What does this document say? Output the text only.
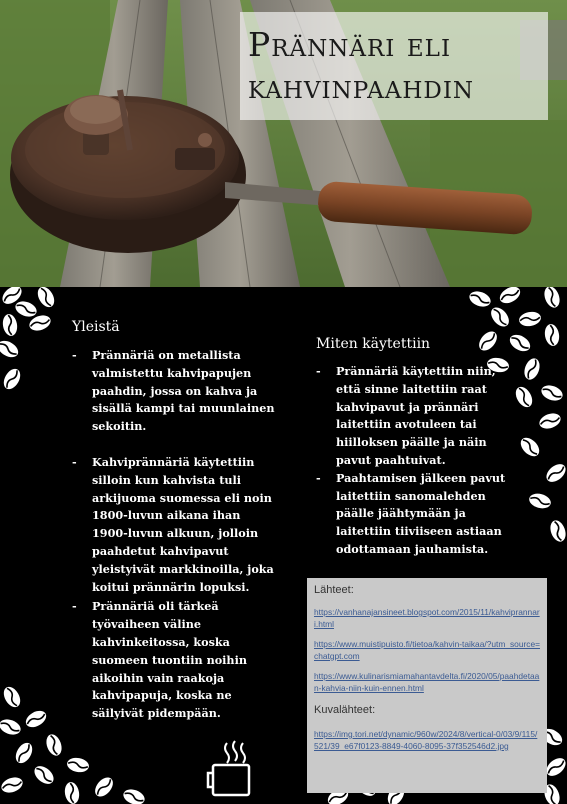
Prännäri eli
kahvinpaahdin
Yleistä
- Prännäriä on metallista valmistettu kahvipapujen paahdin, jossa on kahva ja sisällä kampi tai muunlainen sekoitin.
- Kahviprännäriä käytettiin silloin kun kahvista tuli arkijuoma suomessa eli noin 1800-luvun aikana ihan 1900-luvun alkuun, jolloin paahdetut kahvipavut yleistyivät markkinoilla, joka koitui prännärin lopuksi.
- Prännäriä oli tärkeä työvaiheen väline kahvinkeitossa, koska suomeen tuontiin noihin aikoihin vain raakoja kahvipapuja, koska ne säilyivät pidempään.
Miten käytettiin
- Prännäriä käytettiin niin, että sinne laitettiin raat kahvipavut ja prännäri laitettiin avotuleen tai hiilloksen päälle ja näin pavut paahtuivat.
- Paahtamisen jälkeen pavut laitettiin sanomalehden päälle jäähtymään ja laitettiin tiiviiseen astiaan odottamaan jauhamista.
Lähteet:
https://vanhanajansineet.blogspot.com/2015/11/kahviprannari.html
https://www.muistipuisto.fi/tietoa/kahvin-taikaa/?utm_source=chatgpt.com
https://www.kulinarismiamahantavdelta.fi/2020/05/paahdetaan-kahvia-niin-kuin-ennen.html
Kuvalähteet:
https://img.tori.net/dynamic/960w/2024/8/vertical-0/03/9/115/521/39_e67f0123-8849-4060-8095-37f352546d2.jpg
